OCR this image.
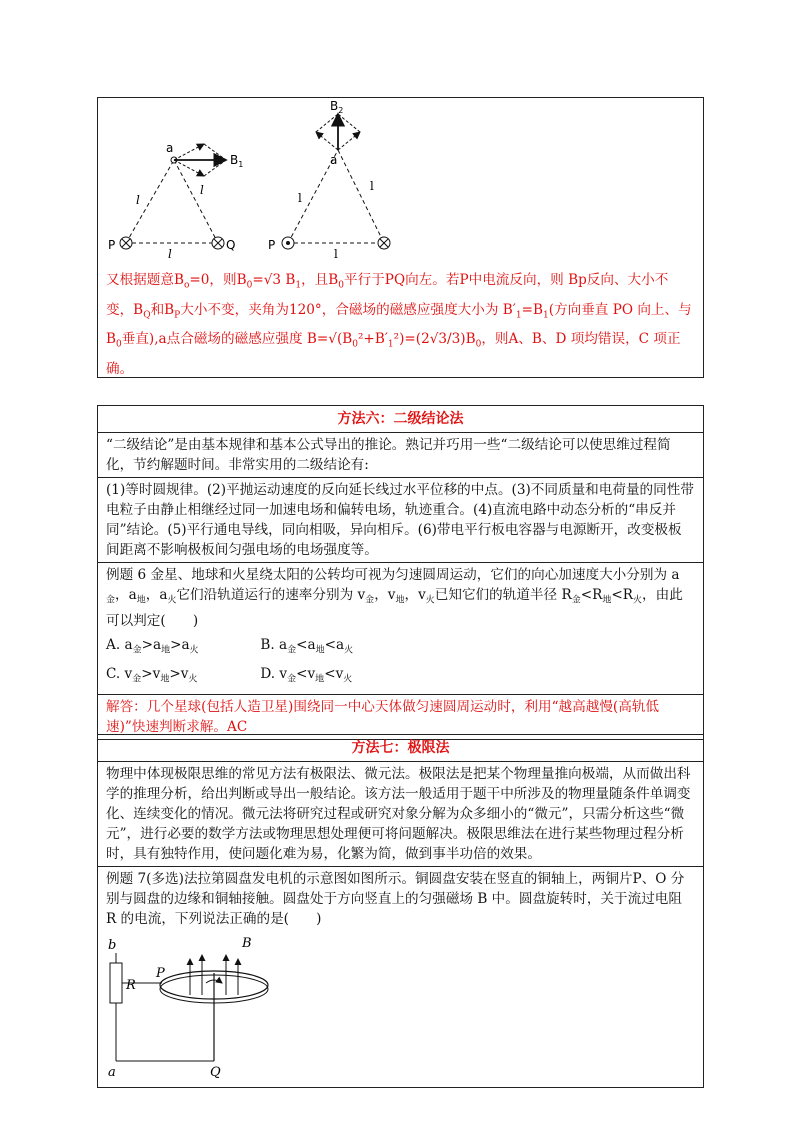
a
$B_1$
l
l
l
P	Q
$B_2$
a
l
l
l
P
又根据题意$B_o=0$，则$B_0=√3$ $B_1$，且$B_0$平行于PQ向左。若P中电流反向，则 Bp反向、大小不变，$B_Q$和$B_P$大小不变，夹角为120°，合磁场的磁感应强度大小为 $B'_1=B_1$(方向垂直 PO 向上、与 $B_0$垂直),a点合磁场的磁感应强度 $B=√(B_0^2+B'_1^2)=(2√3/3)B_0$，则A、B、D 项均错误，C 项正确。
方法六：二级结论法
“二级结论”是由基本规律和基本公式导出的推论。熟记并巧用一些“二级结论可以使思维过程简化，节约解题时间。非常实用的二级结论有:
(1)等时圆规律。(2)平抛运动速度的反向延长线过水平位移的中点。(3)不同质量和电荷量的同性带电粒子由静止相继经过同一加速电场和偏转电场，轨迹重合。(4)直流电路中动态分析的“串反并同”结论。(5)平行通电导线，同向相吸，异向相斥。(6)带电平行板电容器与电源断开，改变极板间距离不影响极板间匀强电场的电场强度等。
例题 6 金星、地球和火星绕太阳的公转均可视为匀速圆周运动，它们的向心加速度大小分别为 $a_金$，$a_地$，$a_火$它们沿轨道运行的速率分别为 $v_金$，$v_地$，$v_火$已知它们的轨道半径 $R_金<R_地<R_火$，由此可以判定(　　)
A. $a_金>a_地>a_火$	B. $a_金<a_地<a_火$
C. $v_金>v_地>v_火$	D. $v_金<v_地<v_火$
解答：几个星球(包括人造卫星)围绕同一中心天体做匀速圆周运动时，利用“越高越慢(高轨低速)”快速判断求解。AC
方法七：极限法
物理中体现极限思维的常见方法有极限法、微元法。极限法是把某个物理量推向极端，从而做出科学的推理分析，给出判断或导出一般结论。该方法一般适用于题干中所涉及的物理量随条件单调变化、连续变化的情况。微元法将研究过程或研究对象分解为众多细小的“微元”，只需分析这些“微元”，进行必要的数学方法或物理思想处理便可将问题解决。极限思维法在进行某些物理过程分析时，具有独特作用，使问题化难为易，化繁为简，做到事半功倍的效果。
例题 7(多选)法拉第圆盘发电机的示意图如图所示。铜圆盘安装在竖直的铜轴上，两铜片P、O 分别与圆盘的边缘和铜轴接触。圆盘处于方向竖直上的匀强磁场 B 中。圆盘旋转时，关于流过电阻 R 的电流，下列说法正确的是(　　)
B
P
b
R
a	Q
